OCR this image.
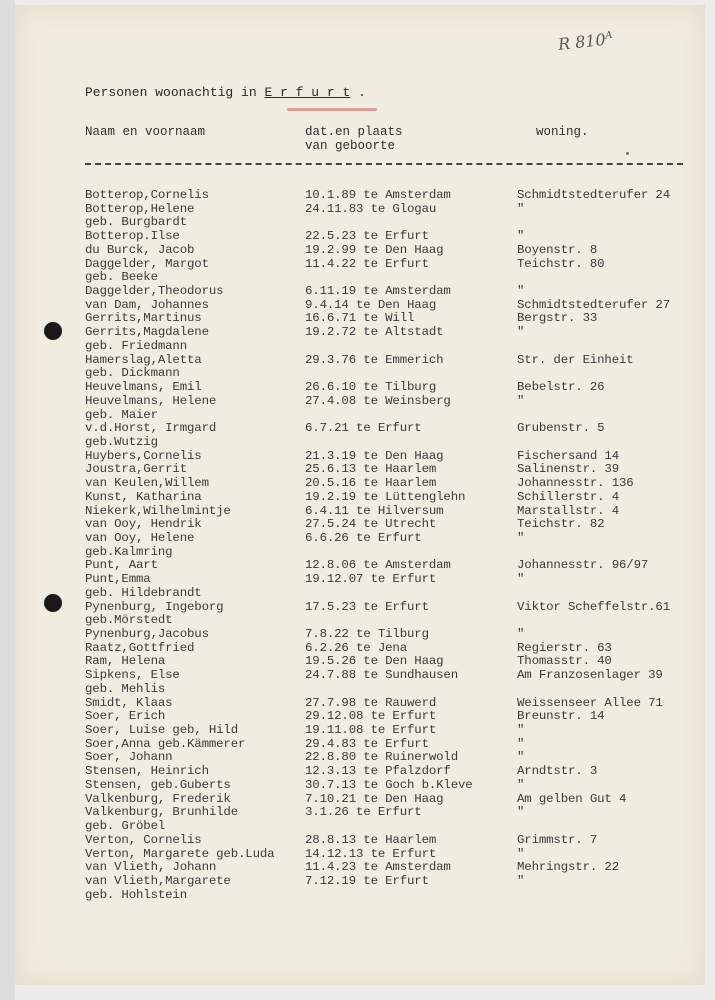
R $810^A$

Personen woonachtig in E r f u r t .

Naam en voornaam	dat.en plaats
van geboorte
woning.
Botterop,Cornelis	10.1.89 te Amsterdam	Schmidtstedterufer 24
Botterop,Helene	24.11.83 te Glogau	"
geb. Burgbardt
Botterop.Ilse	22.5.23 te Erfurt	"
du Burck, Jacob	19.2.99 te Den Haag	Boyenstr. 8
Daggelder, Margot	11.4.22 te Erfurt	Teichstr. 80
geb. Beeke
Daggelder,Theodorus	6.11.19 te Amsterdam	"
van Dam, Johannes	9.4.14 te Den Haag	Schmidtstedterufer 27
Gerrits,Martinus	16.6.71 te Will	Bergstr. 33
Gerrits,Magdalene	19.2.72 te Altstadt	"
geb. Friedmann
Hamerslag,Aletta	29.3.76 te Emmerich	Str. der Einheit
geb. Dickmann
Heuvelmans, Emil	26.6.10 te Tilburg	Bebelstr. 26
Heuvelmans, Helene	27.4.08 te Weinsberg	"
geb. Maier
v.d.Horst, Irmgard	6.7.21 te Erfurt	Grubenstr. 5
geb.Wutzig
Huybers,Cornelis	21.3.19 te Den Haag	Fischersand 14
Joustra,Gerrit	25.6.13 te Haarlem	Salinenstr. 39
van Keulen,Willem	20.5.16 te Haarlem	Johannesstr. 136
Kunst, Katharina	19.2.19 te Lüttenglehn	Schillerstr. 4
Niekerk,Wilhelmintje	6.4.11 te Hilversum	Marstallstr. 4
van Ooy, Hendrik	27.5.24 te Utrecht	Teichstr. 82
van Ooy, Helene	6.6.26 te Erfurt	"
geb.Kalmring
Punt, Aart	12.8.06 te Amsterdam	Johannesstr. 96/97
Punt,Emma	19.12.07 te Erfurt	"
geb. Hildebrandt
Pynenburg, Ingeborg	17.5.23 te Erfurt	Viktor Scheffelstr.61
geb.Mörstedt
Pynenburg,Jacobus	7.8.22 te Tilburg	"
Raatz,Gottfried	6.2.26 te Jena	Regierstr. 63
Ram, Helena	19.5.26 te Den Haag	Thomasstr. 40
Sipkens, Else	24.7.88 te Sundhausen	Am Franzosenlager 39
geb. Mehlis
Smidt, Klaas	27.7.98 te Rauwerd	Weissenseer Allee 71
Soer, Erich	29.12.08 te Erfurt	Breunstr. 14
Soer, Luise geb, Hild	19.11.08 te Erfurt	"
Soer,Anna geb.Kämmerer	29.4.83 te Erfurt	"
Soer, Johann	22.8.80 te Ruinerwold	"
Stensen, Heinrich	12.3.13 te Pfalzdorf	Arndtstr. 3
Stensen, geb.Guberts	30.7.13 te Goch b.Kleve	"
Valkenburg, Frederik	7.10.21 te Den Haag	Am gelben Gut 4
Valkenburg, Brunhilde	3.1.26 te Erfurt	"
geb. Gröbel
Verton, Cornelis	28.8.13 te Haarlem	Grimmstr. 7
Verton, Margarete geb.Luda 14.12.13 te Erfurt	"
van Vlieth, Johann	11.4.23 te Amsterdam	Mehringstr. 22
van Vlieth,Margarete	7.12.19 te Erfurt	"
geb. Hohlstein
